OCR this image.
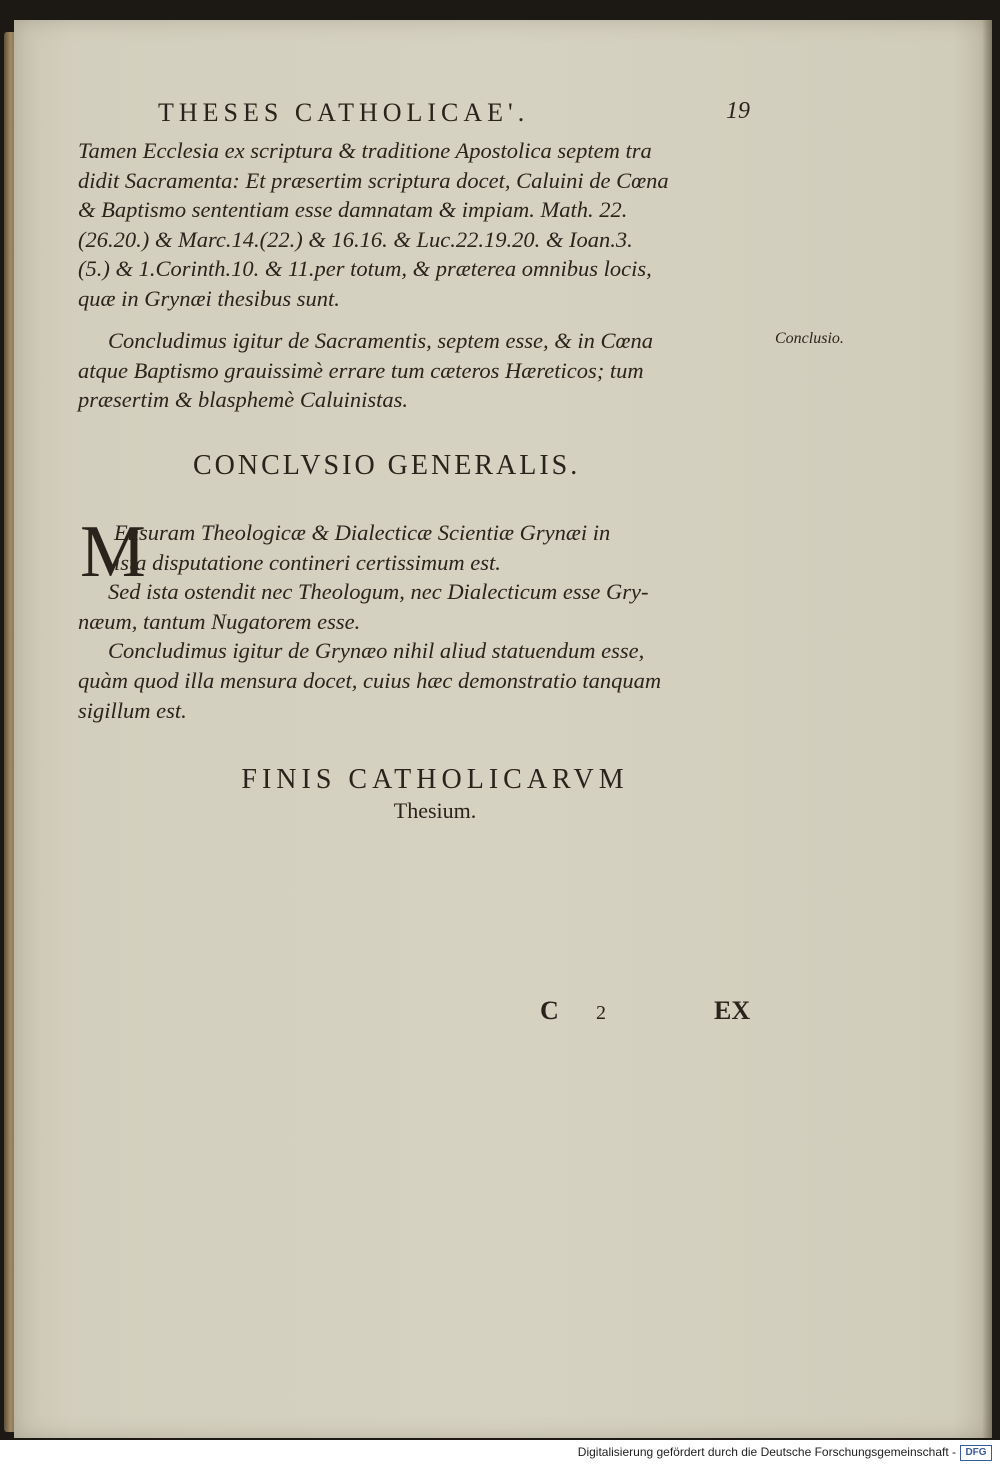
THESES CATHOLICAE'.	19

Tamen Ecclesia ex scriptura & traditione Apostolica septem tra

didit Sacramenta: Et præsertim scriptura docet, Caluini de Cœna

& Baptismo sententiam esse damnatam & impiam. Math. 22.

(26.20.) & Marc.14.(22.) & 16.16. & Luc.22.19.20. & Ioan.3.

(5.) & 1.Corinth.10. & 11.per totum, & præterea omnibus locis,

quæ in Grynæi thesibus sunt.

Concludimus igitur de Sacramentis, septem esse, & in Cœna

atque Baptismo grauissimè errare tum cæteros Hæreticos; tum

præsertim & blasphemè Caluinistas.

Conclusio.
CONCLVSIO GENERALIS.
M

Ensuram Theologicæ & Dialecticæ Scientiæ Grynæi in

ista disputatione contineri certissimum est.

Sed ista ostendit nec Theologum, nec Dialecticum esse Gry-

næum, tantum Nugatorem esse.

Concludimus igitur de Grynæo nihil aliud statuendum esse,

quàm quod illa mensura docet, cuius hæc demonstratio tanquam

sigillum est.

FINIS CATHOLICARVM
Thesium.
C 2	EX
Digitalisierung gefördert durch die Deutsche Forschungsgemeinschaft - DFG
